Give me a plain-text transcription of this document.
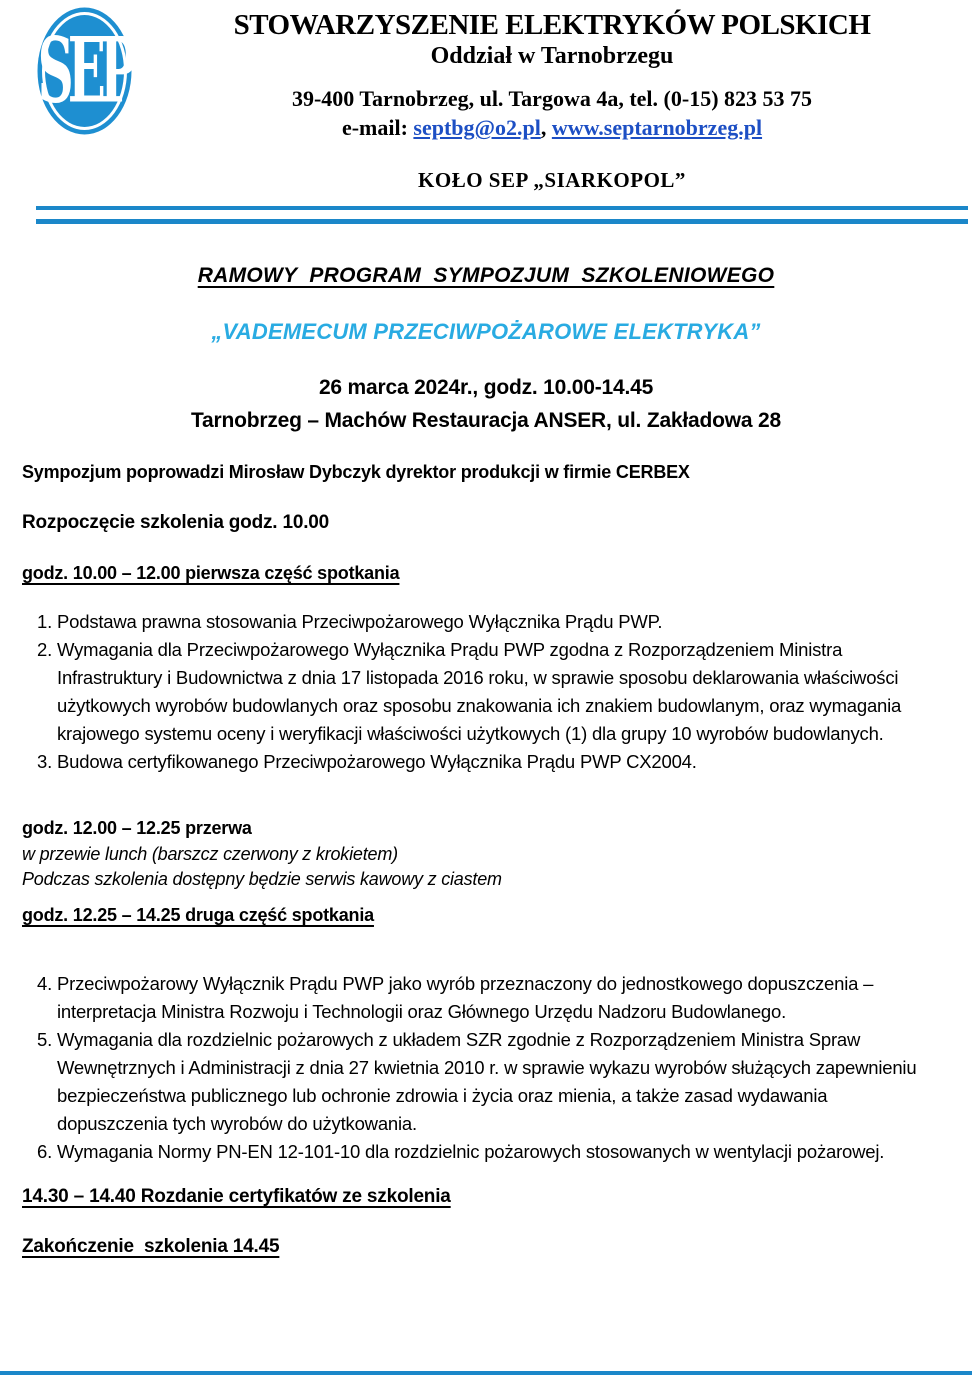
SEP	STOWARZYSZENIE ELEKTRYKÓW POLSKICH
Oddział w Tarnobrzegu
39-400 Tarnobrzeg, ul. Targowa 4a, tel. (0-15) 823 53 75
e-mail: septbg@o2.pl, www.septarnobrzeg.pl
KOŁO SEP „SIARKOPOL”
RAMOWY  PROGRAM  SYMPOZJUM  SZKOLENIOWEGO
„VADEMECUM PRZECIWPOŻAROWE ELEKTRYKA”
26 marca 2024r., godz. 10.00-14.45
Tarnobrzeg – Machów Restauracja ANSER, ul. Zakładowa 28
Sympozjum poprowadzi Mirosław Dybczyk dyrektor produkcji w firmie CERBEX
Rozpoczęcie szkolenia godz. 10.00
godz. 10.00 – 12.00 pierwsza część spotkania
1. Podstawa prawna stosowania Przeciwpożarowego Wyłącznika Prądu PWP.
2. Wymagania dla Przeciwpożarowego Wyłącznika Prądu PWP zgodna z Rozporządzeniem Ministra Infrastruktury i Budownictwa z dnia 17 listopada 2016 roku, w sprawie sposobu deklarowania właściwości użytkowych wyrobów budowlanych oraz sposobu znakowania ich znakiem budowlanym, oraz wymagania krajowego systemu oceny i weryfikacji właściwości użytkowych (1) dla grupy 10 wyrobów budowlanych.
3. Budowa certyfikowanego Przeciwpożarowego Wyłącznika Prądu PWP CX2004.
godz. 12.00 – 12.25 przerwa
w przewie lunch (barszcz czerwony z krokietem)
Podczas szkolenia dostępny będzie serwis kawowy z ciastem
godz. 12.25 – 14.25 druga część spotkania
4. Przeciwpożarowy Wyłącznik Prądu PWP jako wyrób przeznaczony do jednostkowego dopuszczenia – interpretacja Ministra Rozwoju i Technologii oraz Głównego Urzędu Nadzoru Budowlanego.
5. Wymagania dla rozdzielnic pożarowych z układem SZR zgodnie z Rozporządzeniem Ministra Spraw Wewnętrznych i Administracji z dnia 27 kwietnia 2010 r. w sprawie wykazu wyrobów służących zapewnieniu bezpieczeństwa publicznego lub ochronie zdrowia i życia oraz mienia, a także zasad wydawania dopuszczenia tych wyrobów do użytkowania.
6. Wymagania Normy PN-EN 12-101-10 dla rozdzielnic pożarowych stosowanych w wentylacji pożarowej.
14.30 – 14.40 Rozdanie certyfikatów ze szkolenia
Zakończenie  szkolenia 14.45
